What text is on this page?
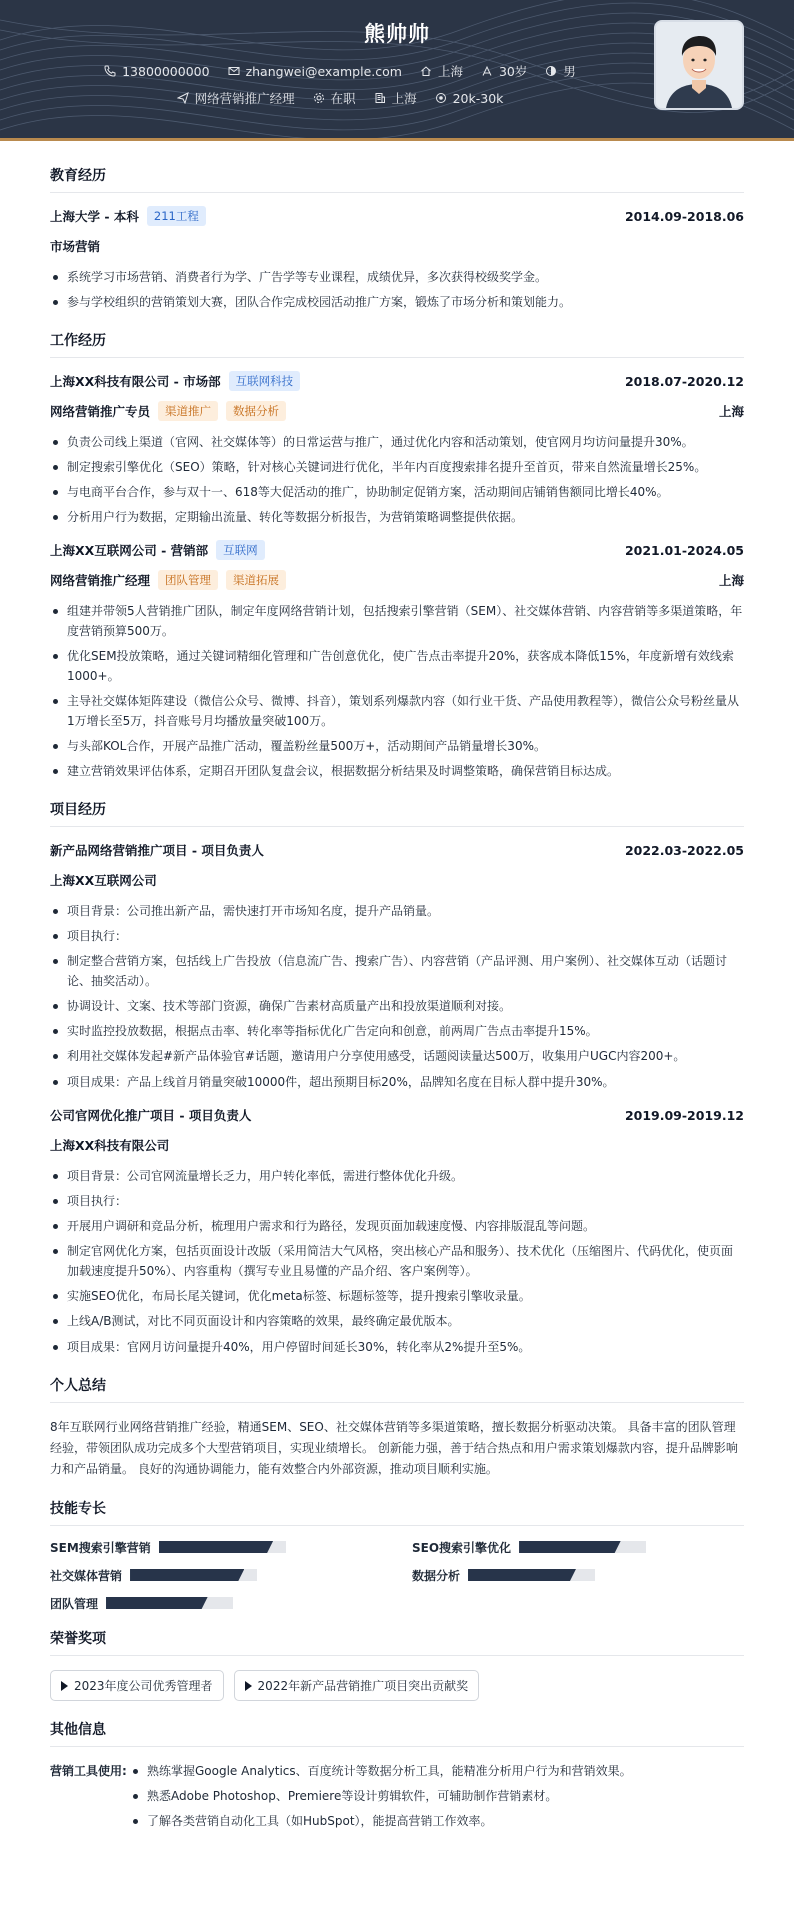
熊帅帅
13800000000	zhangwei@example.com	上海	30岁	男
网络营销推广经理	在职	上海	20k-30k
教育经历
上海大学 - 本科	211工程	2014.09-2018.06
市场营销
系统学习市场营销、消费者行为学、广告学等专业课程，成绩优异，多次获得校级奖学金。
参与学校组织的营销策划大赛，团队合作完成校园活动推广方案，锻炼了市场分析和策划能力。
工作经历
上海XX科技有限公司 - 市场部	互联网科技	2018.07-2020.12
网络营销推广专员	渠道推广	数据分析	上海
负责公司线上渠道（官网、社交媒体等）的日常运营与推广，通过优化内容和活动策划，使官网月均访问量提升30%。
制定搜索引擎优化（SEO）策略，针对核心关键词进行优化，半年内百度搜索排名提升至首页，带来自然流量增长25%。
与电商平台合作，参与双十一、618等大促活动的推广，协助制定促销方案，活动期间店铺销售额同比增长40%。
分析用户行为数据，定期输出流量、转化等数据分析报告，为营销策略调整提供依据。
上海XX互联网公司 - 营销部	互联网	2021.01-2024.05
网络营销推广经理	团队管理	渠道拓展	上海
组建并带领5人营销推广团队，制定年度网络营销计划，包括搜索引擎营销（SEM）、社交媒体营销、内容营销等多渠道策略，年度营销预算500万。
优化SEM投放策略，通过关键词精细化管理和广告创意优化，使广告点击率提升20%，获客成本降低15%，年度新增有效线索1000+。
主导社交媒体矩阵建设（微信公众号、微博、抖音），策划系列爆款内容（如行业干货、产品使用教程等），微信公众号粉丝量从1万增长至5万，抖音账号月均播放量突破100万。
与头部KOL合作，开展产品推广活动，覆盖粉丝量500万+，活动期间产品销量增长30%。
建立营销效果评估体系，定期召开团队复盘会议，根据数据分析结果及时调整策略，确保营销目标达成。
项目经历
新产品网络营销推广项目 - 项目负责人	2022.03-2022.05
上海XX互联网公司
项目背景：公司推出新产品，需快速打开市场知名度，提升产品销量。
项目执行：
制定整合营销方案，包括线上广告投放（信息流广告、搜索广告）、内容营销（产品评测、用户案例）、社交媒体互动（话题讨论、抽奖活动）。
协调设计、文案、技术等部门资源，确保广告素材高质量产出和投放渠道顺利对接。
实时监控投放数据，根据点击率、转化率等指标优化广告定向和创意，前两周广告点击率提升15%。
利用社交媒体发起#新产品体验官#话题，邀请用户分享使用感受，话题阅读量达500万，收集用户UGC内容200+。
项目成果：产品上线首月销量突破10000件，超出预期目标20%，品牌知名度在目标人群中提升30%。
公司官网优化推广项目 - 项目负责人	2019.09-2019.12
上海XX科技有限公司
项目背景：公司官网流量增长乏力，用户转化率低，需进行整体优化升级。
项目执行：
开展用户调研和竞品分析，梳理用户需求和行为路径，发现页面加载速度慢、内容排版混乱等问题。
制定官网优化方案，包括页面设计改版（采用简洁大气风格，突出核心产品和服务）、技术优化（压缩图片、代码优化，使页面加载速度提升50%）、内容重构（撰写专业且易懂的产品介绍、客户案例等）。
实施SEO优化，布局长尾关键词，优化meta标签、标题标签等，提升搜索引擎收录量。
上线A/B测试，对比不同页面设计和内容策略的效果，最终确定最优版本。
项目成果：官网月访问量提升40%，用户停留时间延长30%，转化率从2%提升至5%。
个人总结

8年互联网行业网络营销推广经验，精通SEM、SEO、社交媒体营销等多渠道策略，擅长数据分析驱动决策。 具备丰富的团队管理经验，带领团队成功完成多个大型营销项目，实现业绩增长。 创新能力强，善于结合热点和用户需求策划爆款内容，提升品牌影响力和产品销量。 良好的沟通协调能力，能有效整合内外部资源，推动项目顺利实施。

技能专长
SEM搜索引擎营销	SEO搜索引擎优化
社交媒体营销	数据分析
团队管理
荣誉奖项
2023年度公司优秀管理者	2022年新产品营销推广项目突出贡献奖
其他信息
营销工具使用:	熟练掌握Google Analytics、百度统计等数据分析工具，能精准分析用户行为和营销效果。
熟悉Adobe Photoshop、Premiere等设计剪辑软件，可辅助制作营销素材。
了解各类营销自动化工具（如HubSpot），能提高营销工作效率。
